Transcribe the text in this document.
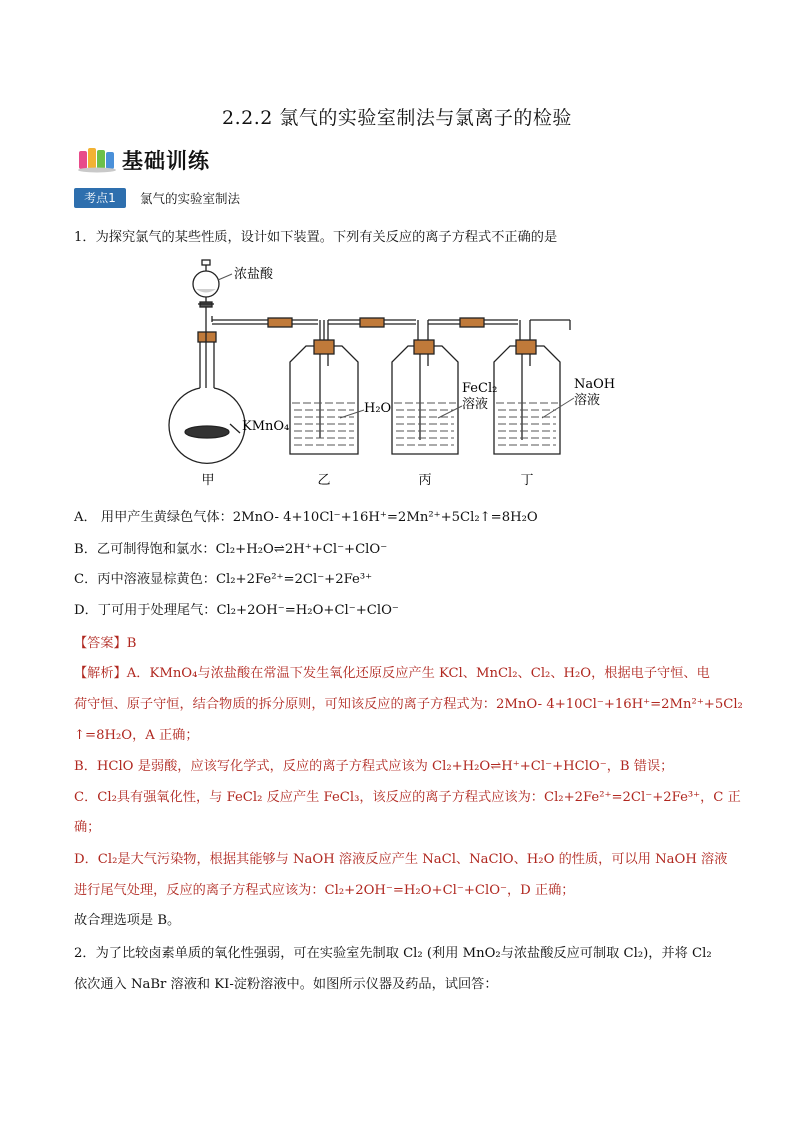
2.2.2 氯气的实验室制法与氯离子的检验
基础训练
考点1	氯气的实验室制法
1．为探究氯气的某些性质，设计如下装置。下列有关反应的离子方程式不正确的是
浓盐酸
KMnO₄
H₂O
FeCl₂
溶液
NaOH
溶液
甲	乙	丙	丁
A． 用甲产生黄绿色气体：2MnO- 4+10Cl⁻+16H⁺=2Mn²⁺+5Cl₂↑=8H₂O
B．乙可制得饱和氯水：Cl₂+H₂O⇌2H⁺+Cl⁻+ClO⁻
C．丙中溶液显棕黄色：Cl₂+2Fe²⁺=2Cl⁻+2Fe³⁺
D．丁可用于处理尾气：Cl₂+2OH⁻=H₂O+Cl⁻+ClO⁻
【答案】B
【解析】A．KMnO₄与浓盐酸在常温下发生氧化还原反应产生 KCl、MnCl₂、Cl₂、H₂O，根据电子守恒、电
荷守恒、原子守恒，结合物质的拆分原则，可知该反应的离子方程式为：2MnO- 4+10Cl⁻+16H⁺=2Mn²⁺+5Cl₂
↑=8H₂O，A 正确；
B．HClO 是弱酸，应该写化学式，反应的离子方程式应该为 Cl₂+H₂O⇌H⁺+Cl⁻+HClO⁻，B 错误；
C．Cl₂具有强氧化性，与 FeCl₂ 反应产生 FeCl₃，该反应的离子方程式应该为：Cl₂+2Fe²⁺=2Cl⁻+2Fe³⁺，C 正
确；
D．Cl₂是大气污染物，根据其能够与 NaOH 溶液反应产生 NaCl、NaClO、H₂O 的性质，可以用 NaOH 溶液
进行尾气处理，反应的离子方程式应该为：Cl₂+2OH⁻=H₂O+Cl⁻+ClO⁻，D 正确；
故合理选项是 B。
2．为了比较卤素单质的氧化性强弱，可在实验室先制取 Cl₂ (利用 MnO₂与浓盐酸反应可制取 Cl₂)，并将 Cl₂
依次通入 NaBr 溶液和 KI-淀粉溶液中。如图所示仪器及药品，试回答：
